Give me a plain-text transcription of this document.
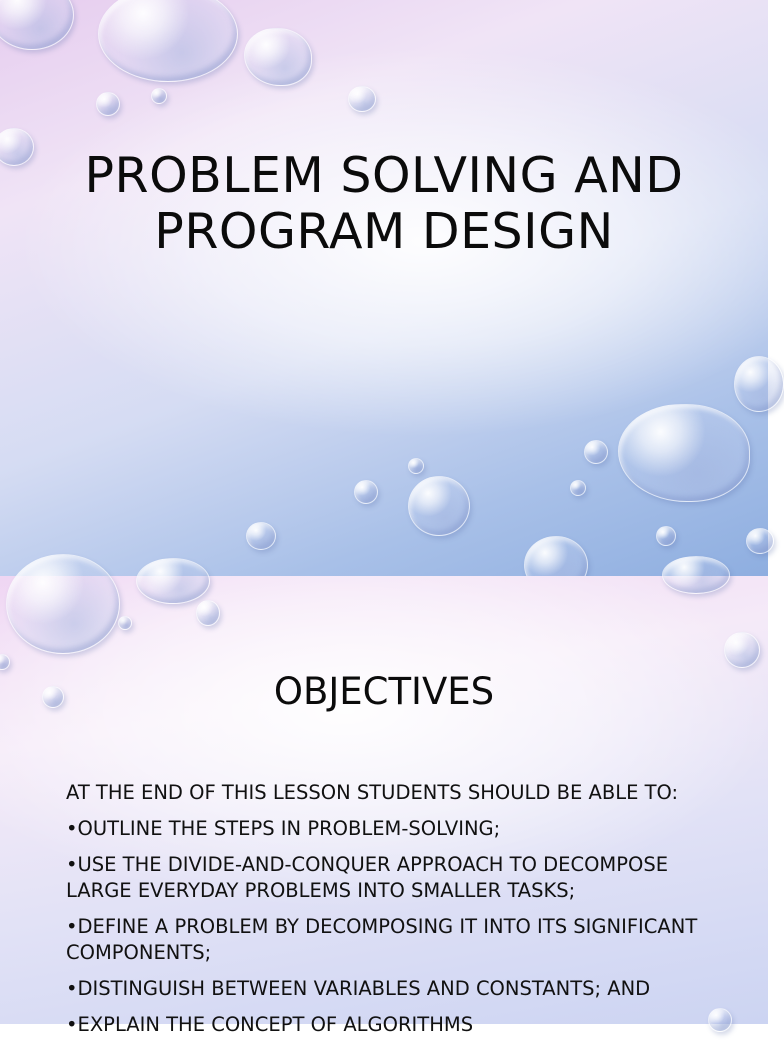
PROBLEM SOLVING AND PROGRAM DESIGN
OBJECTIVES
AT THE END OF THIS LESSON STUDENTS SHOULD BE ABLE TO:
•OUTLINE THE STEPS IN PROBLEM-SOLVING;
•USE THE DIVIDE-AND-CONQUER APPROACH TO DECOMPOSE LARGE EVERYDAY PROBLEMS INTO SMALLER TASKS;
•DEFINE A PROBLEM BY DECOMPOSING IT INTO ITS SIGNIFICANT COMPONENTS;
•DISTINGUISH BETWEEN VARIABLES AND CONSTANTS; AND
•EXPLAIN THE CONCEPT OF ALGORITHMS
